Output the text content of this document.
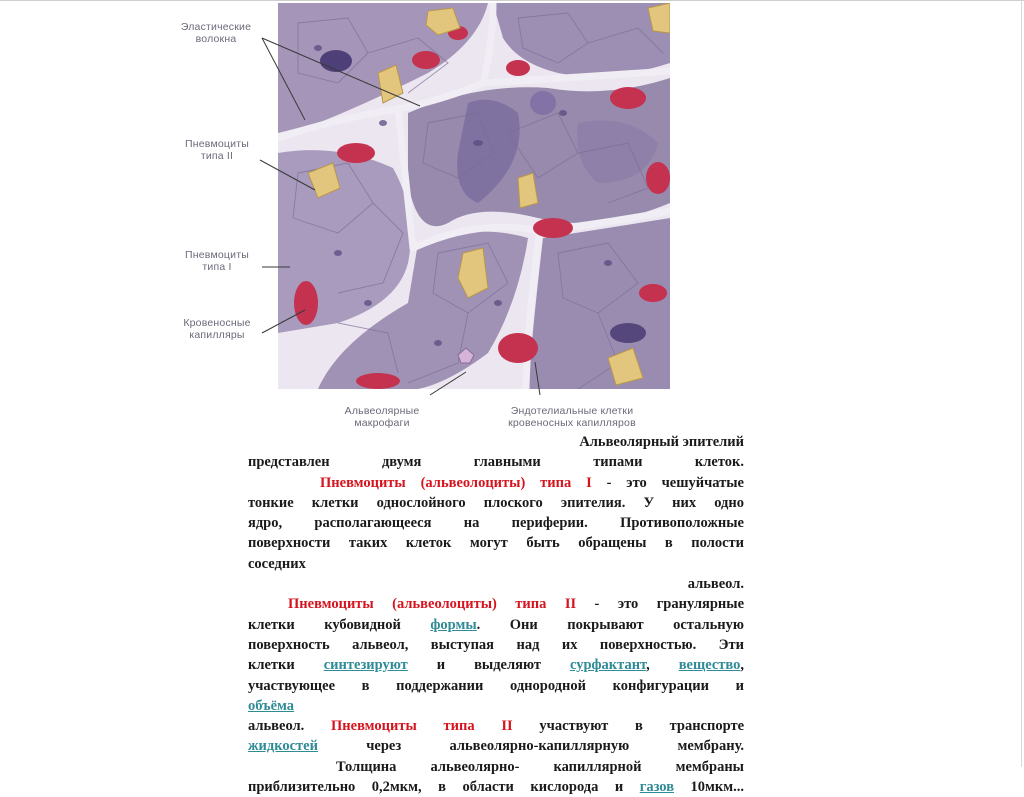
Эластические
волокна
Пневмоциты
типа II
Пневмоциты
типа I
Кровеносные
капилляры
Альвеолярные
макрофаги
Эндотелиальные клетки
кровеносных капилляров

Альвеолярный эпителий

представлен двумя главными типами клеток.

Пневмоциты (альвеолоциты) типа I - это чешуйчатые

тонкие клетки однослойного плоского эпителия. У них одно

ядро, располагающееся на периферии. Противоположные

поверхности таких клеток могут быть обращены в полости

соседних

альвеол.

Пневмоциты (альвеолоциты) типа II - это гранулярные

клетки кубовидной формы. Они покрывают остальную

поверхность альвеол, выступая над их поверхностью. Эти

клетки синтезируют и выделяют сурфактант, вещество,

участвующее в поддержании однородной конфигурации и

объёма

альвеол. Пневмоциты типа II участвуют в транспорте

жидкостей через альвеолярно-капиллярную мембрану.

Толщина альвеолярно- капиллярной мембраны

приблизительно 0,2мкм, в области кислорода и газов 10мкм...
